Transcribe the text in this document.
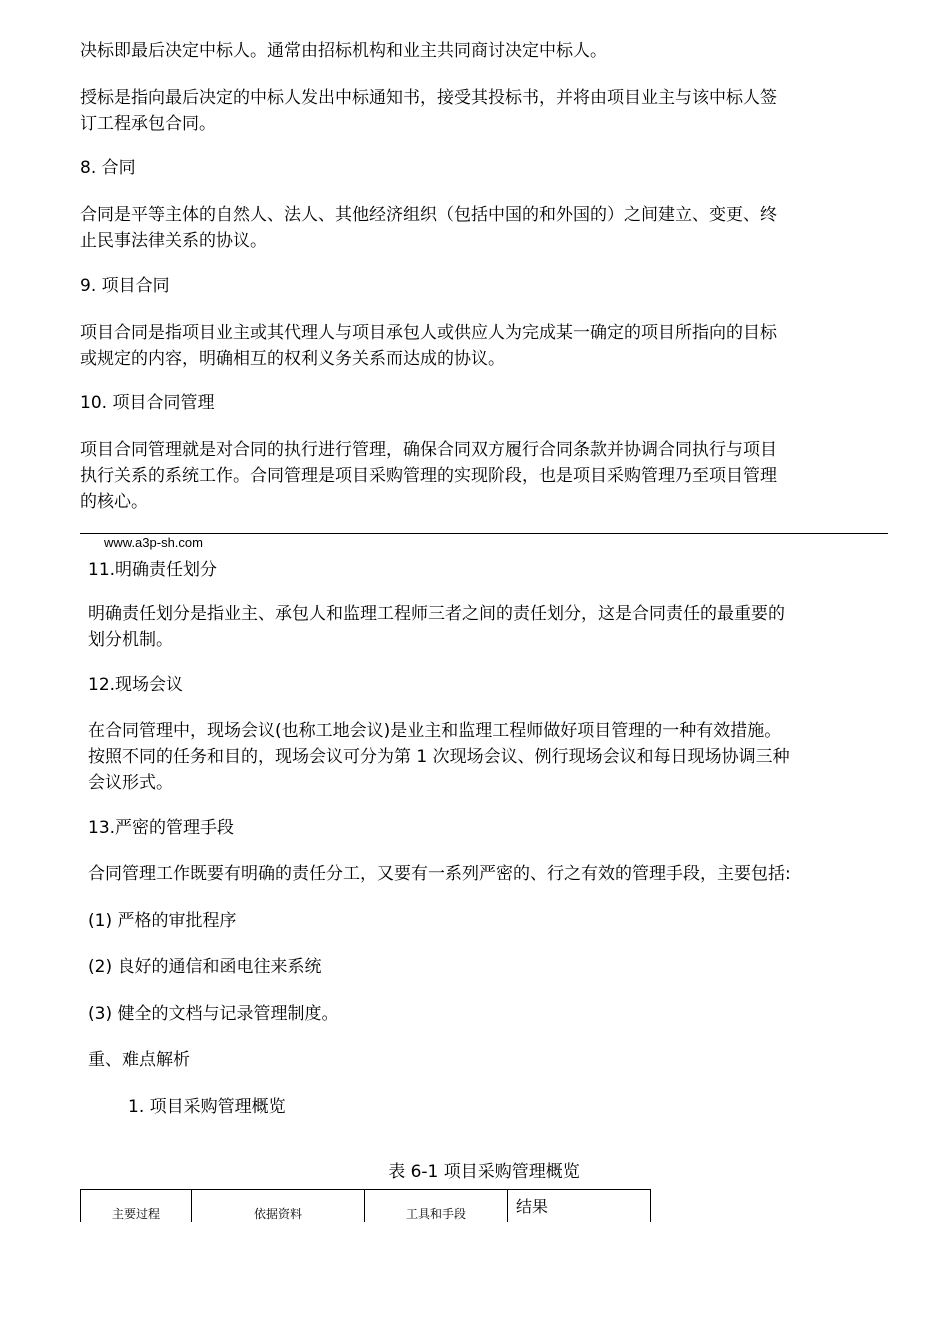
决标即最后决定中标人。通常由招标机构和业主共同商讨决定中标人。

授标是指向最后决定的中标人发出中标通知书，接受其投标书，并将由项目业主与该中标人签

订工程承包合同。

8. 合同

合同是平等主体的自然人、法人、其他经济组织（包括中国的和外国的）之间建立、变更、终

止民事法律关系的协议。

9. 项目合同

项目合同是指项目业主或其代理人与项目承包人或供应人为完成某一确定的项目所指向的目标

或规定的内容，明确相互的权利义务关系而达成的协议。

10. 项目合同管理

项目合同管理就是对合同的执行进行管理，确保合同双方履行合同条款并协调合同执行与项目

执行关系的系统工作。合同管理是项目采购管理的实现阶段，也是项目采购管理乃至项目管理

的核心。

www.a3p-sh.com

11.明确责任划分

明确责任划分是指业主、承包人和监理工程师三者之间的责任划分，这是合同责任的最重要的

划分机制。

12.现场会议

在合同管理中，现场会议(也称工地会议)是业主和监理工程师做好项目管理的一种有效措施。

按照不同的任务和目的，现场会议可分为第 1 次现场会议、例行现场会议和每日现场协调三种

会议形式。

13.严密的管理手段

合同管理工作既要有明确的责任分工，又要有一系列严密的、行之有效的管理手段，主要包括:

(1) 严格的审批程序

(2) 良好的通信和函电往来系统

(3) 健全的文档与记录管理制度。

重、难点解析

1. 项目采购管理概览

表 6-1 项目采购管理概览

主要过程	依据资料	工具和手段	结果
